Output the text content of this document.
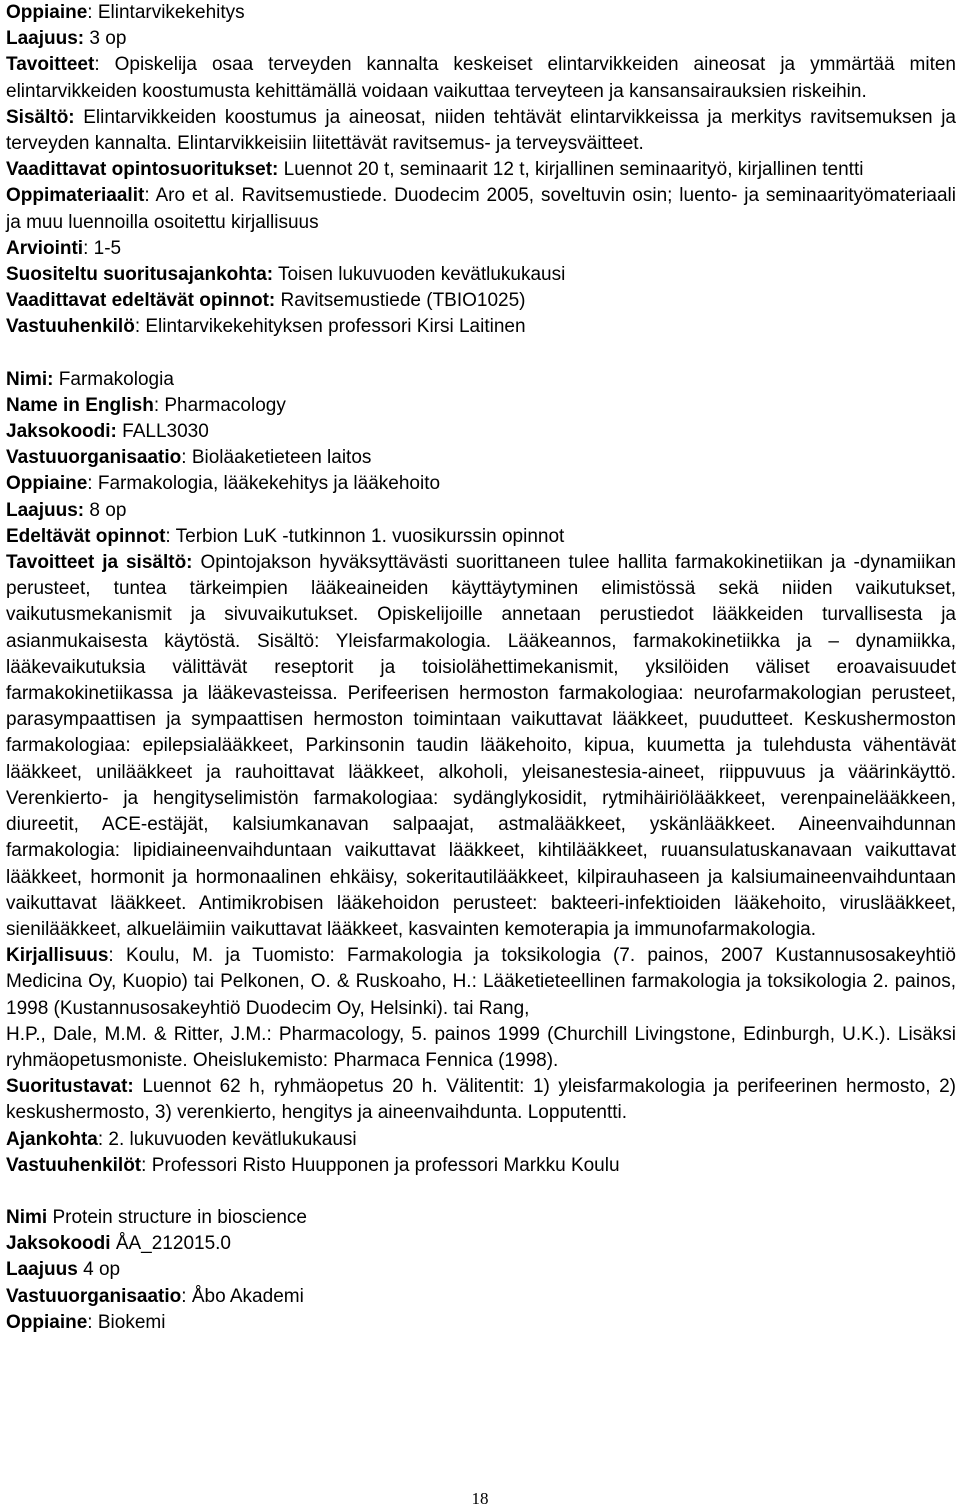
Oppiaine: Elintarvikekehitys

Laajuus: 3 op

Tavoitteet: Opiskelija osaa terveyden kannalta keskeiset elintarvikkeiden aineosat ja ymmärtää miten elintarvikkeiden koostumusta kehittämällä voidaan vaikuttaa terveyteen ja kansansairauksien riskeihin.

Sisältö: Elintarvikkeiden koostumus ja aineosat, niiden tehtävät elintarvikkeissa ja merkitys ravitsemuksen ja terveyden kannalta. Elintarvikkeisiin liitettävät ravitsemus- ja terveysväitteet.

Vaadittavat opintosuoritukset: Luennot 20 t, seminaarit 12 t, kirjallinen seminaarityö, kirjallinen tentti

Oppimateriaalit: Aro et al. Ravitsemustiede. Duodecim 2005, soveltuvin osin; luento- ja seminaarityömateriaali ja muu luennoilla osoitettu kirjallisuus

Arviointi: 1-5

Suositeltu suoritusajankohta: Toisen lukuvuoden kevätlukukausi

Vaadittavat edeltävät opinnot: Ravitsemustiede (TBIO1025)

Vastuuhenkilö: Elintarvikekehityksen professori Kirsi Laitinen

Nimi: Farmakologia

Name in English: Pharmacology

Jaksokoodi: FALL3030

Vastuuorganisaatio: Bioläaketieteen laitos

Oppiaine: Farmakologia, lääkekehitys ja lääkehoito

Laajuus: 8 op

Edeltävät opinnot: Terbion LuK -tutkinnon 1. vuosikurssin opinnot

Tavoitteet ja sisältö: Opintojakson hyväksyttävästi suorittaneen tulee hallita farmakokinetiikan ja -dynamiikan perusteet, tuntea tärkeimpien lääkeaineiden käyttäytyminen elimistössä sekä niiden vaikutukset, vaikutusmekanismit ja sivuvaikutukset. Opiskelijoille annetaan perustiedot lääkkeiden turvallisesta ja asianmukaisesta käytöstä. Sisältö: Yleisfarmakologia. Lääkeannos, farmakokinetiikka ja – dynamiikka, lääkevaikutuksia välittävät reseptorit ja toisiolähettimekanismit, yksilöiden väliset eroavaisuudet farmakokinetiikassa ja lääkevasteissa. Perifeerisen hermoston farmakologiaa: neurofarmakologian perusteet, parasympaattisen ja sympaattisen hermoston toimintaan vaikuttavat lääkkeet, puudutteet. Keskushermoston farmakologiaa: epilepsialääkkeet, Parkinsonin taudin lääkehoito, kipua, kuumetta ja tulehdusta vähentävät lääkkeet, unilääkkeet ja rauhoittavat lääkkeet, alkoholi, yleisanestesia-aineet, riippuvuus ja väärinkäyttö. Verenkierto- ja hengityselimistön farmakologiaa: sydänglykosidit, rytmihäiriölääkkeet, verenpainelääkkeen, diureetit, ACE-estäjät, kalsiumkanavan salpaajat, astmalääkkeet, yskänlääkkeet. Aineenvaihdunnan farmakologia: lipidiaineenvaihduntaan vaikuttavat lääkkeet, kihtilääkkeet, ruuansulatuskanavaan vaikuttavat lääkkeet, hormonit ja hormonaalinen ehkäisy, sokeritautilääkkeet, kilpirauhaseen ja kalsiumaineenvaihduntaan vaikuttavat lääkkeet. Antimikrobisen lääkehoidon perusteet: bakteeri-infektioiden lääkehoito, viruslääkkeet, sienilääkkeet, alkueläimiin vaikuttavat lääkkeet, kasvainten kemoterapia ja immunofarmakologia.

Kirjallisuus: Koulu, M. ja Tuomisto: Farmakologia ja toksikologia (7. painos, 2007 Kustannusosakeyhtiö Medicina Oy, Kuopio) tai Pelkonen, O. & Ruskoaho, H.: Lääketieteellinen farmakologia ja toksikologia 2. painos, 1998 (Kustannusosakeyhtiö Duodecim Oy, Helsinki). tai Rang,

H.P., Dale, M.M. & Ritter, J.M.: Pharmacology, 5. painos 1999 (Churchill Livingstone, Edinburgh, U.K.). Lisäksi ryhmäopetusmoniste. Oheislukemisto: Pharmaca Fennica (1998).

Suoritustavat: Luennot 62 h, ryhmäopetus 20 h. Välitentit: 1) yleisfarmakologia ja perifeerinen hermosto, 2) keskushermosto, 3) verenkierto, hengitys ja aineenvaihdunta. Lopputentti.

Ajankohta: 2. lukuvuoden kevätlukukausi

Vastuuhenkilöt: Professori Risto Huupponen ja professori Markku Koulu

Nimi Protein structure in bioscience

Jaksokoodi ÅA_212015.0

Laajuus 4 op

Vastuuorganisaatio: Åbo Akademi

Oppiaine: Biokemi

18
